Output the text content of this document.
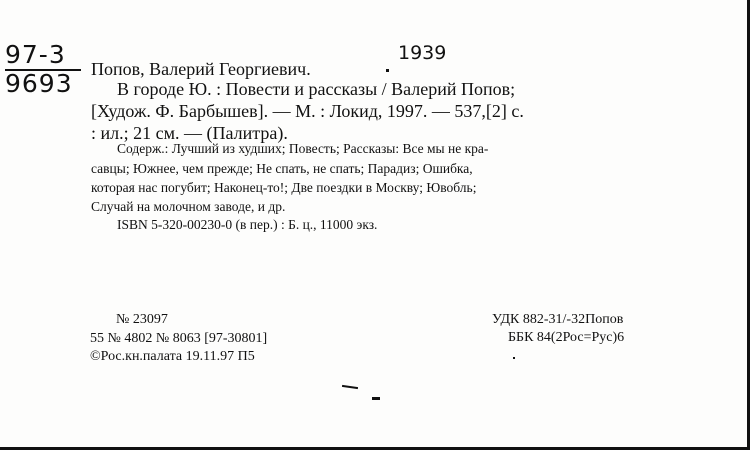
97-3
9693
1939
Попов, Валерий Георгиевич.
В городе Ю. : Повести и рассказы / Валерий Попов;
[Худож. Ф. Барбышев]. — М. : Локид, 1997. — 537,[2] с.
: ил.; 21 см. — (Палитра).
Содерж.: Лучший из худших; Повесть; Рассказы: Все мы не кра-
савцы; Южнее, чем прежде; Не спать, не спать; Парадиз; Ошибка,
которая нас погубит; Наконец-то!; Две поездки в Москву; Ювобль;
Случай на молочном заводе, и др.
ISBN 5-320-00230-0 (в пер.) : Б. ц., 11000 экз.
№ 23097
55 № 4802 № 8063 [97-30801]
©Рос.кн.палата 19.11.97 П5
УДК 882-31/-32Попов
ББК 84(2Рос=Рус)6
